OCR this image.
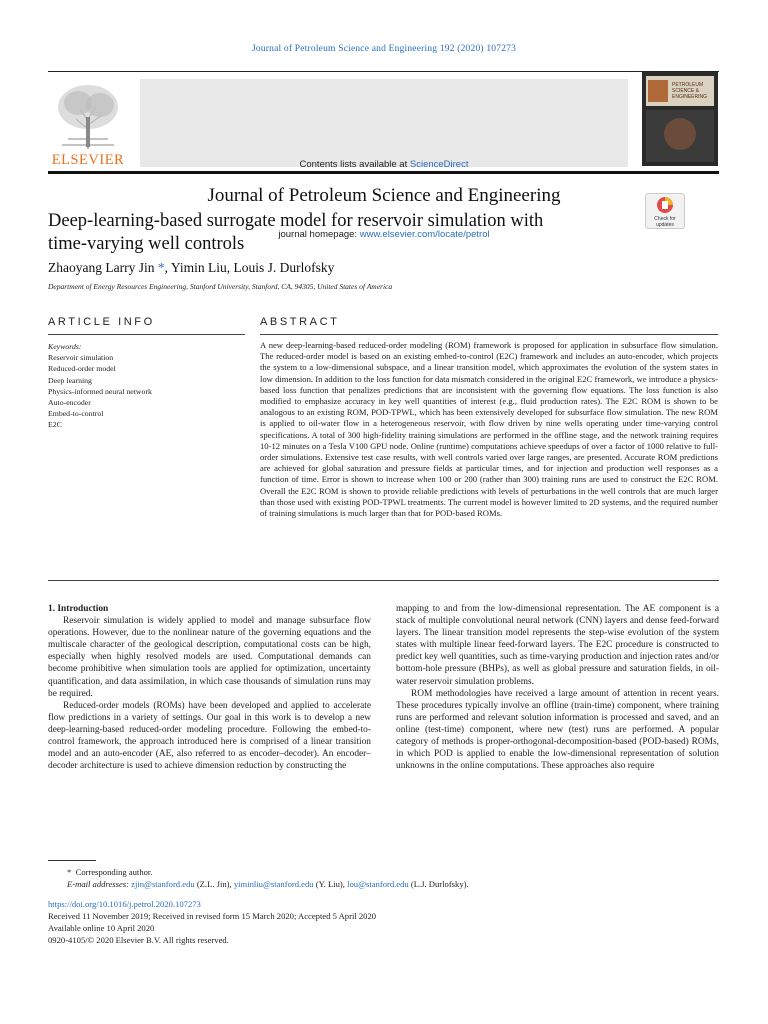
Journal of Petroleum Science and Engineering 192 (2020) 107273
ELSEVIER	Contents lists available at ScienceDirect
Journal of Petroleum Science and Engineering
journal homepage: www.elsevier.com/locate/petrol
PETROLEUM
SCIENCE &
ENGINEERING
Deep-learning-based surrogate model for reservoir simulation with
time-varying well controls
Check for
updates
Zhaoyang Larry Jin *, Yimin Liu, Louis J. Durlofsky
Department of Energy Resources Engineering, Stanford University, Stanford, CA, 94305, United States of America
ARTICLE INFO	ABSTRACT
Keywords:
Reservoir simulation
Reduced-order model
Deep learning
Physics-informed neural network
Auto-encoder
Embed-to-control
E2C
A new deep-learning-based reduced-order modeling (ROM) framework is proposed for application in subsurface flow simulation. The reduced-order model is based on an existing embed-to-control (E2C) framework and includes an auto-encoder, which projects the system to a low-dimensional subspace, and a linear transition model, which approximates the evolution of the system states in low dimension. In addition to the loss function for data mismatch considered in the original E2C framework, we introduce a physics-based loss function that penalizes predictions that are inconsistent with the governing flow equations. The loss function is also modified to emphasize accuracy in key well quantities of interest (e.g., fluid production rates). The E2C ROM is shown to be analogous to an existing ROM, POD-TPWL, which has been extensively developed for subsurface flow simulation. The new ROM is applied to oil-water flow in a heterogeneous reservoir, with flow driven by nine wells operating under time-varying control specifications. A total of 300 high-fidelity training simulations are performed in the offline stage, and the network training requires 10-12 minutes on a Tesla V100 GPU node. Online (runtime) computations achieve speedups of over a factor of 1000 relative to full-order simulations. Extensive test case results, with well controls varied over large ranges, are presented. Accurate ROM predictions are achieved for global saturation and pressure fields at particular times, and for injection and production well responses as a function of time. Error is shown to increase when 100 or 200 (rather than 300) training runs are used to construct the E2C ROM. Overall the E2C ROM is shown to provide reliable predictions with levels of perturbations in the well controls that are much larger than those used with existing POD-TPWL treatments. The current model is however limited to 2D systems, and the required number of training simulations is much larger than that for POD-based ROMs.

1. Introduction

Reservoir simulation is widely applied to model and manage subsurface flow operations. However, due to the nonlinear nature of the governing equations and the multiscale character of the geological description, computational costs can be high, especially when highly resolved models are used. Computational demands can become prohibitive when simulation tools are applied for optimization, uncertainty quantification, and data assimilation, in which case thousands of simulation runs may be required.

Reduced-order models (ROMs) have been developed and applied to accelerate flow predictions in a variety of settings. Our goal in this work is to develop a new deep-learning-based reduced-order modeling procedure. Following the embed-to-control framework, the approach introduced here is comprised of a linear transition model and an auto-encoder (AE, also referred to as encoder–decoder). An encoder–decoder architecture is used to achieve dimension reduction by constructing the

mapping to and from the low-dimensional representation. The AE component is a stack of multiple convolutional neural network (CNN) layers and dense feed-forward layers. The linear transition model represents the step-wise evolution of the system states with multiple linear feed-forward layers. The E2C procedure is constructed to predict key well quantities, such as time-varying production and injection rates and/or bottom-hole pressure (BHPs), as well as global pressure and saturation fields, in oil-water reservoir simulation problems.

ROM methodologies have received a large amount of attention in recent years. These procedures typically involve an offline (train-time) component, where training runs are performed and relevant solution information is processed and saved, and an online (test-time) component, where new (test) runs are performed. A popular category of methods is proper-orthogonal-decomposition-based (POD-based) ROMs, in which POD is applied to enable the low-dimensional representation of solution unknowns in the online computations. These approaches also require

*  Corresponding author.
E-mail addresses: zjin@stanford.edu (Z.L. Jin), yiminliu@stanford.edu (Y. Liu), lou@stanford.edu (L.J. Durlofsky).
https://doi.org/10.1016/j.petrol.2020.107273
Received 11 November 2019; Received in revised form 15 March 2020; Accepted 5 April 2020
Available online 10 April 2020
0920-4105/© 2020 Elsevier B.V. All rights reserved.
